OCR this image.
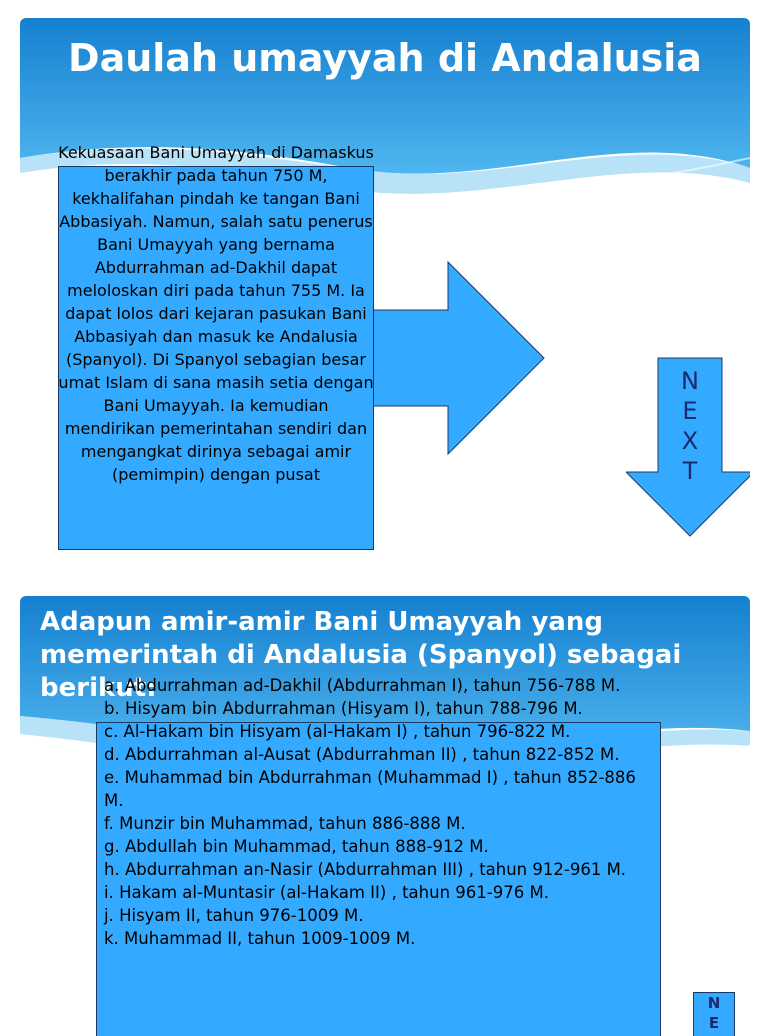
Daulah umayyah di Andalusia
Kekuasaan Bani Umayyah di Damaskus berakhir pada tahun 750 M, kekhalifahan pindah ke tangan Bani Abbasiyah. Namun, salah satu penerus Bani Umayyah yang bernama Abdurrahman ad-Dakhil dapat meloloskan diri pada tahun 755 M. Ia dapat lolos dari kejaran pasukan Bani Abbasiyah dan masuk ke Andalusia (Spanyol). Di Spanyol sebagian besar umat Islam di sana masih setia dengan Bani Umayyah. Ia kemudian mendirikan pemerintahan sendiri dan mengangkat dirinya sebagai amir (pemimpin) dengan pusat
N
E
X
T
Adapun amir-amir Bani Umayyah yang memerintah di Andalusia (Spanyol) sebagai berikut:
a. Abdurrahman ad-Dakhil (Abdurrahman I), tahun 756-788 M.
b. Hisyam bin Abdurrahman (Hisyam I), tahun 788-796 M.
c. Al-Hakam bin Hisyam (al-Hakam I) , tahun 796-822 M.
d. Abdurrahman al-Ausat (Abdurrahman II) , tahun 822-852 M.
e. Muhammad bin Abdurrahman (Muhammad I) , tahun 852-886 M.
f. Munzir bin Muhammad, tahun 886-888 M.
g. Abdullah bin Muhammad, tahun 888-912 M.
h. Abdurrahman an-Nasir (Abdurrahman III) , tahun 912-961 M.
i. Hakam al-Muntasir (al-Hakam II) , tahun 961-976 M.
j. Hisyam II, tahun 976-1009 M.
k. Muhammad II, tahun 1009-1009 M.
N
E
